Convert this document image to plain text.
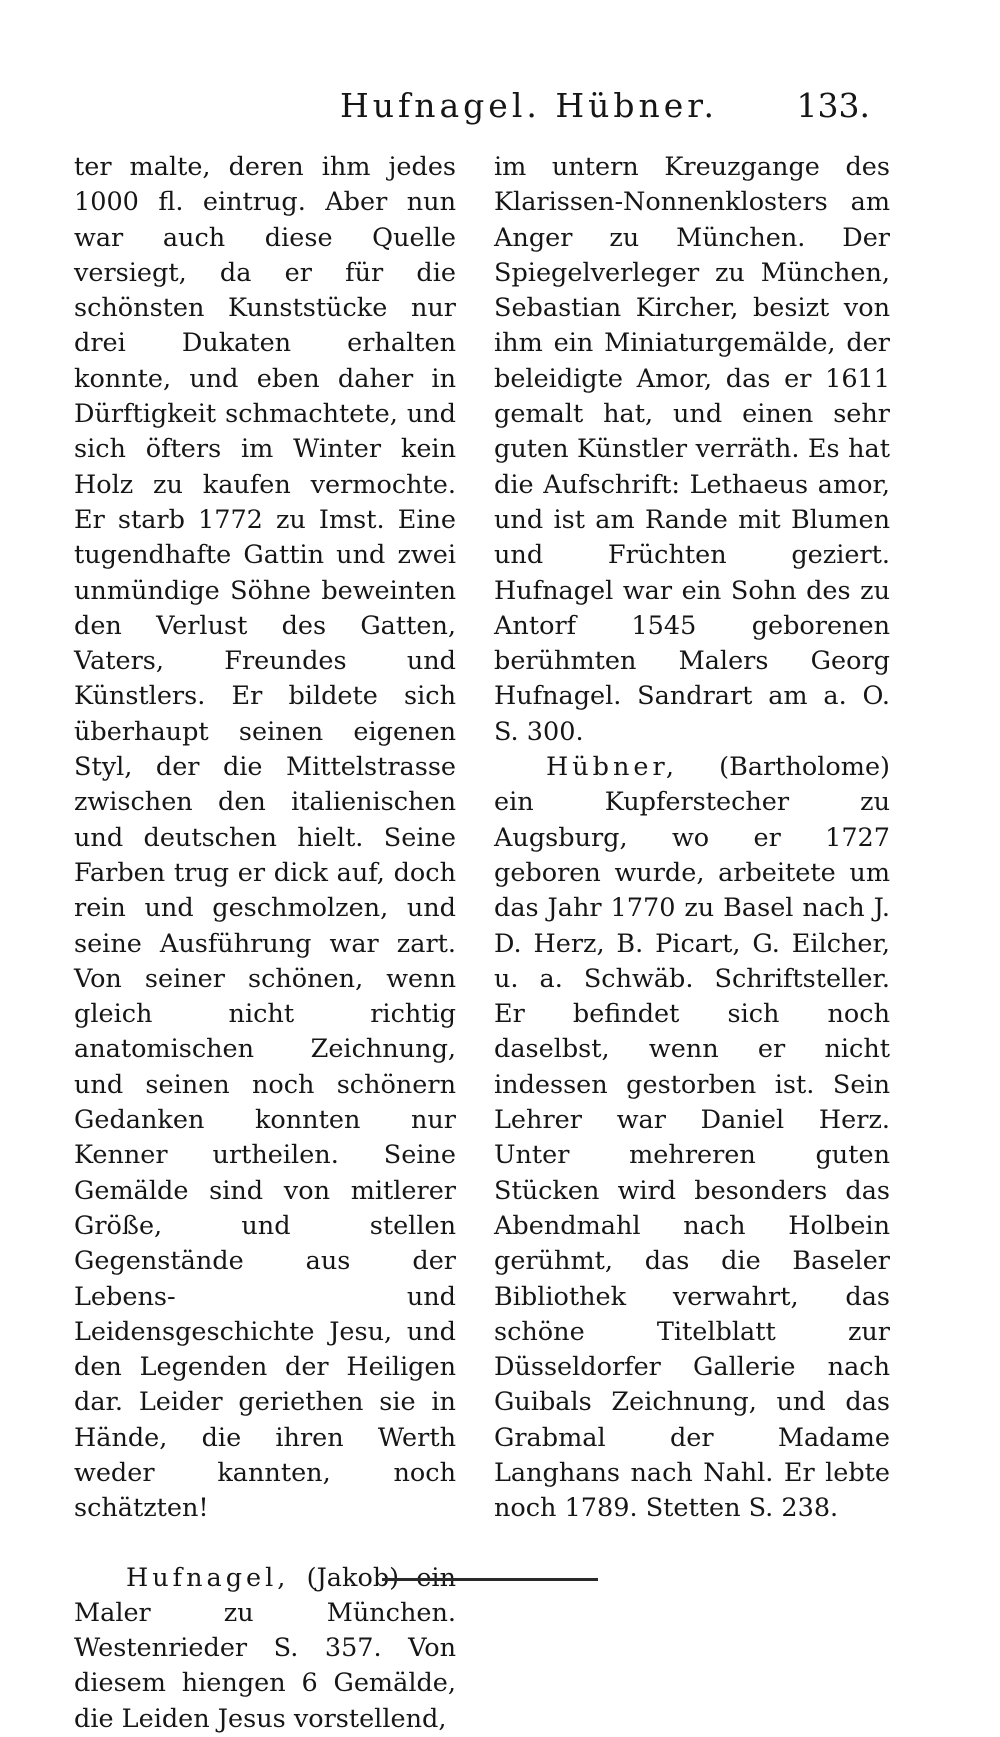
Hufnagel. Hübner. 133.

ter malte, deren ihm jedes 1000 fl. eintrug. Aber nun war auch diese Quelle versiegt, da er für die schönsten Kunststücke nur drei Dukaten erhalten konnte, und eben daher in Dürftigkeit schmachtete, und sich öfters im Winter kein Holz zu kaufen vermochte. Er starb 1772 zu Imst. Eine tugendhafte Gattin und zwei unmündige Söhne beweinten den Verlust des Gatten, Vaters, Freundes und Künstlers. Er bildete sich überhaupt seinen eigenen Styl, der die Mittelstrasse zwischen den italienischen und deutschen hielt. Seine Farben trug er dick auf, doch rein und geschmolzen, und seine Ausführung war zart. Von seiner schönen, wenn gleich nicht richtig anatomischen Zeichnung, und seinen noch schönern Gedanken konnten nur Kenner urtheilen. Seine Gemälde sind von mitlerer Größe, und stellen Gegenstände aus der Lebens- und Leidensgeschichte Jesu, und den Legenden der Heiligen dar. Leider geriethen sie in Hände, die ihren Werth weder kannten, noch schätzten!

Hufnagel, (Jakob) ein Maler zu München. Westenrieder S. 357. Von diesem hiengen 6 Gemälde, die Leiden Jesus vorstellend,

im untern Kreuzgange des Klarissen-Nonnenklosters am Anger zu München. Der Spiegelverleger zu München, Sebastian Kircher, besizt von ihm ein Miniaturgemälde, der beleidigte Amor, das er 1611 gemalt hat, und einen sehr guten Künstler verräth. Es hat die Aufschrift: Lethaeus amor, und ist am Rande mit Blumen und Früchten geziert. Hufnagel war ein Sohn des zu Antorf 1545 geborenen berühmten Malers Georg Hufnagel. Sandrart am a. O. S. 300.

Hübner, (Bartholome) ein Kupferstecher zu Augsburg, wo er 1727 geboren wurde, arbeitete um das Jahr 1770 zu Basel nach J. D. Herz, B. Picart, G. Eilcher, u. a. Schwäb. Schriftsteller. Er befindet sich noch daselbst, wenn er nicht indessen gestorben ist. Sein Lehrer war Daniel Herz. Unter mehreren guten Stücken wird besonders das Abendmahl nach Holbein gerühmt, das die Baseler Bibliothek verwahrt, das schöne Titelblatt zur Düsseldorfer Gallerie nach Guibals Zeichnung, und das Grabmal der Madame Langhans nach Nahl. Er lebte noch 1789. Stetten S. 238.
